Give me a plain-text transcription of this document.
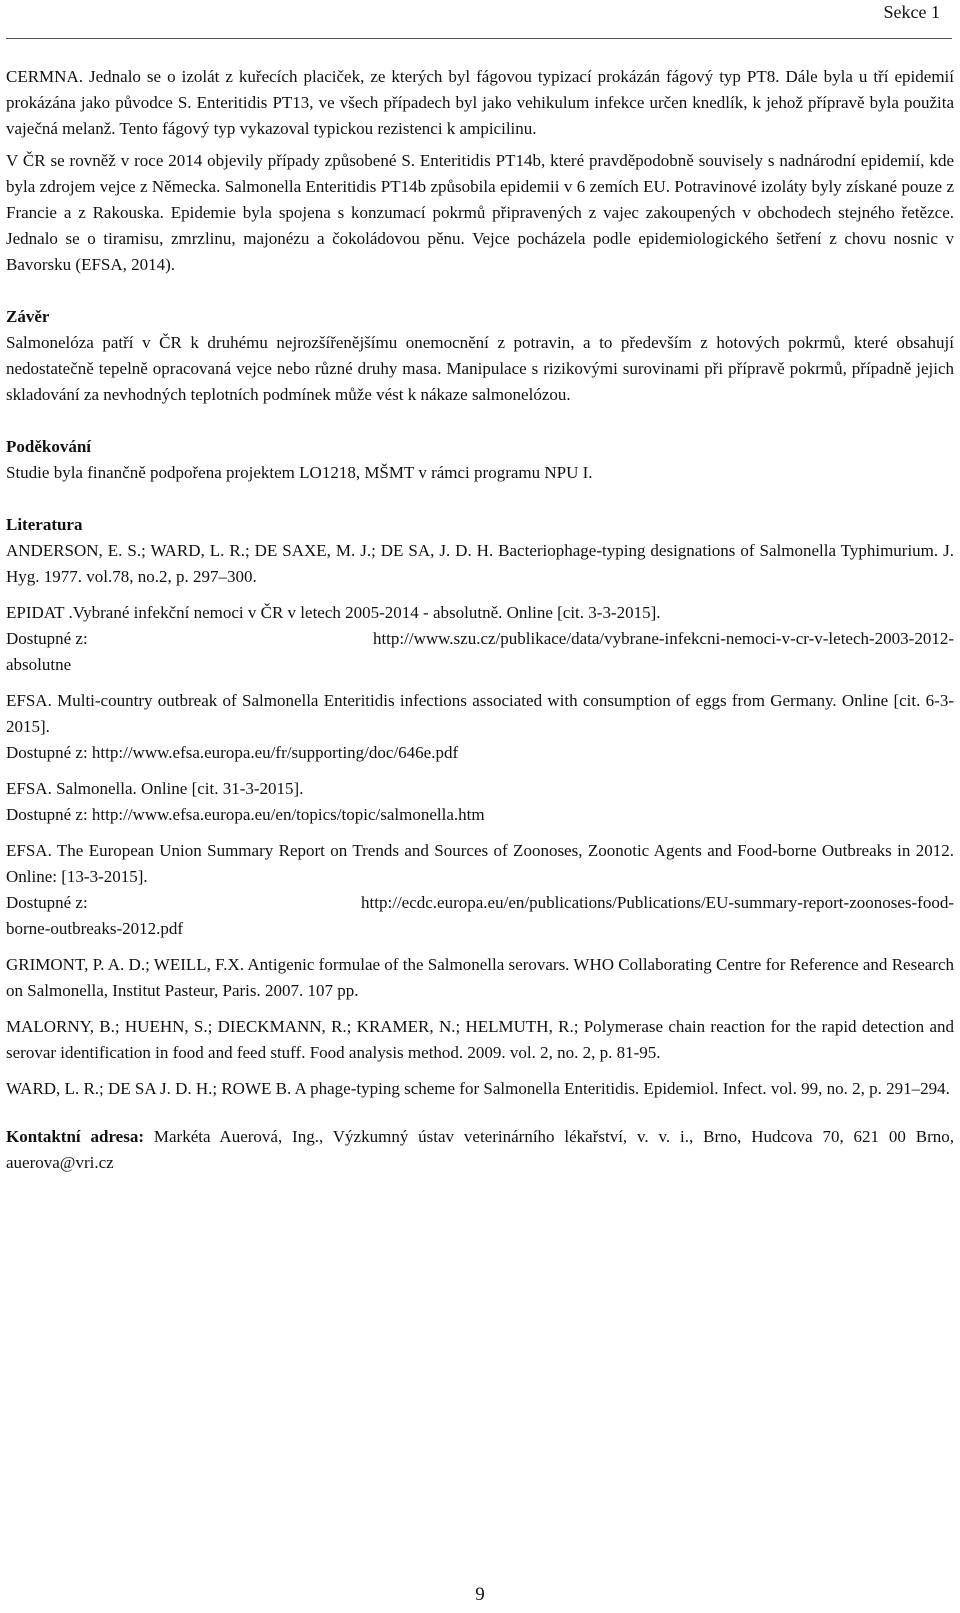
Sekce 1

CERMNA. Jednalo se o izolát z kuřecích placiček, ze kterých byl fágovou typizací prokázán fágový typ PT8. Dále byla u tří epidemií prokázána jako původce S. Enteritidis PT13, ve všech případech byl jako vehikulum infekce určen knedlík, k jehož přípravě byla použita vaječná melanž. Tento fágový typ vykazoval typickou rezistenci k ampicilinu.

V ČR se rovněž v roce 2014 objevily případy způsobené S. Enteritidis PT14b, které pravděpodobně souvisely s nadnárodní epidemií, kde byla zdrojem vejce z Německa. Salmonella Enteritidis PT14b způsobila epidemii v 6 zemích EU. Potravinové izoláty byly získané pouze z Francie a z Rakouska. Epidemie byla spojena s konzumací pokrmů připravených z vajec zakoupených v obchodech stejného řetězce. Jednalo se o tiramisu, zmrzlinu, majonézu a čokoládovou pěnu. Vejce pocházela podle epidemiologického šetření z chovu nosnic v Bavorsku (EFSA, 2014).

Závěr

Salmonelóza patří v ČR k druhému nejrozšířenějšímu onemocnění z potravin, a to především z hotových pokrmů, které obsahují nedostatečně tepelně opracovaná vejce nebo různé druhy masa. Manipulace s rizikovými surovinami při přípravě pokrmů, případně jejich skladování za nevhodných teplotních podmínek může vést k nákaze salmonelózou.

Poděkování

Studie byla finančně podpořena projektem LO1218, MŠMT v rámci programu NPU I.

Literatura

ANDERSON, E. S.; WARD, L. R.; DE SAXE, M. J.; DE SA, J. D. H. Bacteriophage-typing designations of Salmonella Typhimurium. J. Hyg. 1977. vol.78, no.2, p. 297–300.

EPIDAT .Vybrané infekční nemoci v ČR v letech 2005-2014 - absolutně. Online [cit. 3-3-2015].

Dostupné z:	http://www.szu.cz/publikace/data/vybrane-infekcni-nemoci-v-cr-v-letech-2003-2012-

absolutne

EFSA. Multi-country outbreak of Salmonella Enteritidis infections associated with consumption of eggs from Germany. Online [cit. 6-3-2015].

Dostupné z: http://www.efsa.europa.eu/fr/supporting/doc/646e.pdf

EFSA. Salmonella. Online [cit. 31-3-2015].

Dostupné z: http://www.efsa.europa.eu/en/topics/topic/salmonella.htm

EFSA. The European Union Summary Report on Trends and Sources of Zoonoses, Zoonotic Agents and Food-borne Outbreaks in 2012. Online: [13-3-2015].

Dostupné z:	http://ecdc.europa.eu/en/publications/Publications/EU-summary-report-zoonoses-food-

borne-outbreaks-2012.pdf

GRIMONT, P. A. D.; WEILL, F.X. Antigenic formulae of the Salmonella serovars. WHO Collaborating Centre for Reference and Research on Salmonella, Institut Pasteur, Paris. 2007. 107 pp.

MALORNY, B.; HUEHN, S.; DIECKMANN, R.; KRAMER, N.; HELMUTH, R.; Polymerase chain reaction for the rapid detection and serovar identification in food and feed stuff. Food analysis method. 2009. vol. 2, no. 2, p. 81-95.

WARD, L. R.; DE SA J. D. H.; ROWE B. A phage-typing scheme for Salmonella Enteritidis. Epidemiol. Infect. vol. 99, no. 2, p. 291–294.

Kontaktní adresa: Markéta Auerová, Ing., Výzkumný ústav veterinárního lékařství, v. v. i., Brno, Hudcova 70, 621 00 Brno, auerova@vri.cz

9
